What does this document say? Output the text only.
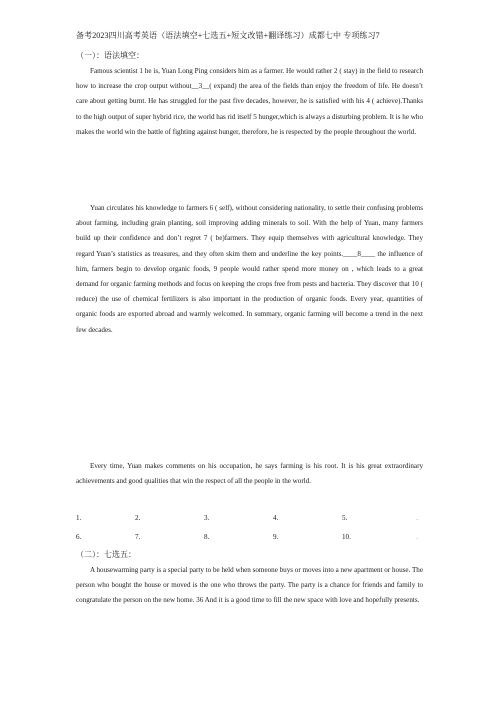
备考2023四川高考英语（语法填空+七选五+短文改错+翻译练习）成都七中 专项练习7
（一）：语法填空：

Famous scientist 1 he is, Yuan Long Ping considers him as a farmer. He would rather 2 ( stay) in the field to research how to increase the crop output without__3__( expand) the area of the fields than enjoy the freedom of life. He doesn’t care about getting burnt. He has struggled for the past five decades, however, he is satisfied with his 4 ( achieve).Thanks to the high output of super hybrid rice, the world has rid itself 5 hunger,which is always a disturbing problem. It is he who makes the world win the battle of fighting against hunger, therefore, he is respected by the people throughout the world.

Yuan circulates his knowledge to farmers 6 ( self), without considering nationality, to settle their confusing problems about farming, including grain planting, soil improving adding minerals to soil. With the help of Yuan, many farmers build up their confidence and don’t regret 7 ( be)farmers. They equip themselves with agricultural knowledge. They regard Yuan’s statistics as treasures, and they often skim them and underline the key points.____8____ the influence of him, farmers begin to develop organic foods, 9 people would rather spend more money on , which leads to a great demand for organic farming methods and focus on keeping the crops free from pests and bacteria. They discover that 10 ( reduce) the use of chemical fertilizers is also important in the production of organic foods. Every year, quantities of organic foods are exported abroad and warmly welcomed. In summary, organic farming will become a trend in the next few decades.

Every time, Yuan makes comments on his occupation, he says farming is his root. It is his great extraordinary achievements and good qualities that win the respect of all the people in the world.

1.	2.	3.	4.	5.	.
6.	7.	8.	9.	10.	.
（二）：七选五：

A housewarming party is a special party to be held when someone buys or moves into a new apartment or house. The person who bought the house or moved is the one who throws the party. The party is a chance for friends and family to congratulate the person on the new home. 36 And it is a good time to fill the new space with love and hopefully presents.
